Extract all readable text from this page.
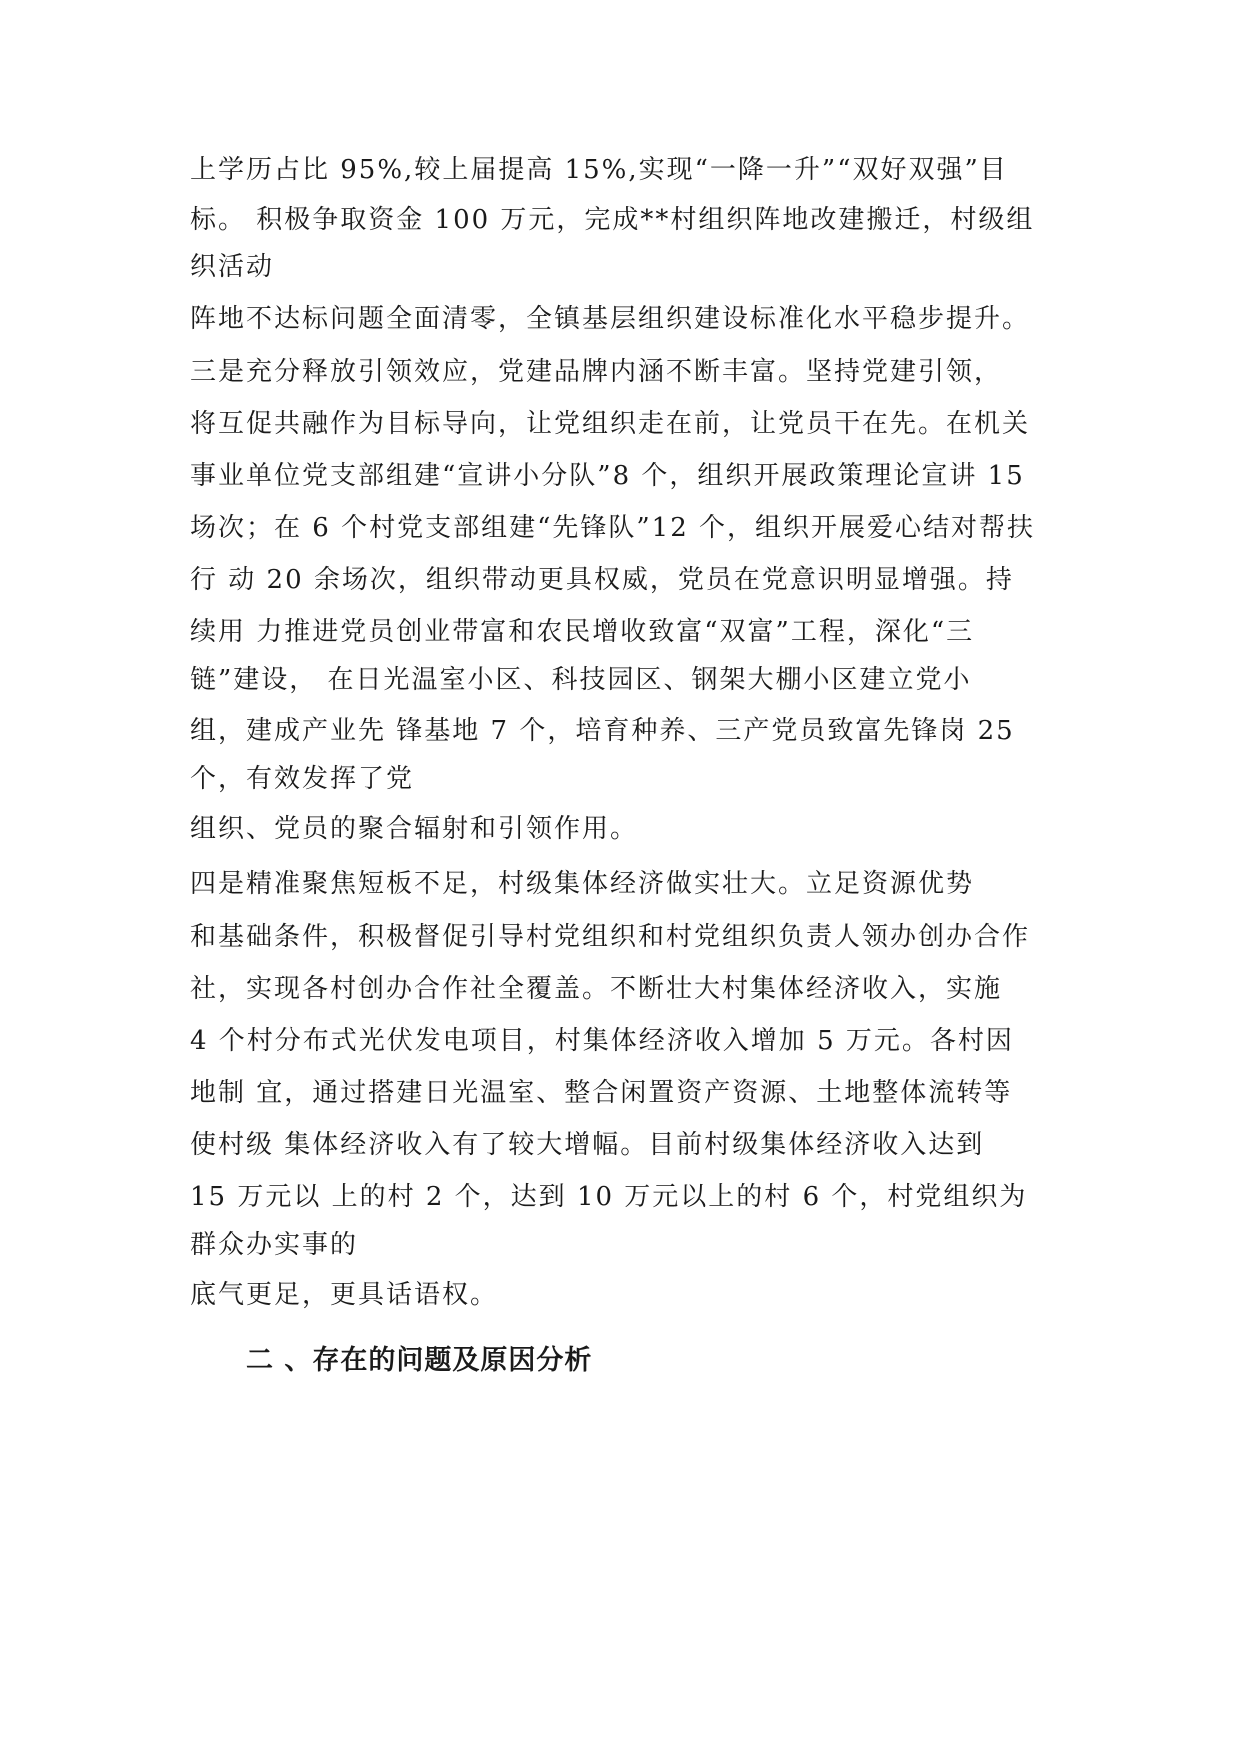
上学历占比 95%,较上届提高 15%,实现“一降一升”“双好双强”目
标。 积极争取资金 100 万元，完成**村组织阵地改建搬迁，村级组
织活动
阵地不达标问题全面清零，全镇基层组织建设标准化水平稳步提升。
三是充分释放引领效应，党建品牌内涵不断丰富。坚持党建引领，
将互促共融作为目标导向，让党组织走在前，让党员干在先。在机关
事业单位党支部组建“宣讲小分队”8 个，组织开展政策理论宣讲 15
场次；在 6 个村党支部组建“先锋队”12 个，组织开展爱心结对帮扶
行 动 20 余场次，组织带动更具权威，党员在党意识明显增强。持
续用 力推进党员创业带富和农民增收致富“双富”工程，深化“三
链”建设， 在日光温室小区、科技园区、钢架大棚小区建立党小
组，建成产业先 锋基地 7 个，培育种养、三产党员致富先锋岗 25
个，有效发挥了党
组织、党员的聚合辐射和引领作用。
四是精准聚焦短板不足，村级集体经济做实壮大。立足资源优势
和基础条件，积极督促引导村党组织和村党组织负责人领办创办合作
社，实现各村创办合作社全覆盖。不断壮大村集体经济收入，实施
4 个村分布式光伏发电项目，村集体经济收入增加 5 万元。各村因
地制 宜，通过搭建日光温室、整合闲置资产资源、土地整体流转等
使村级 集体经济收入有了较大增幅。目前村级集体经济收入达到
15 万元以 上的村 2 个，达到 10 万元以上的村 6 个，村党组织为
群众办实事的
底气更足，更具话语权。
二 、存在的问题及原因分析
